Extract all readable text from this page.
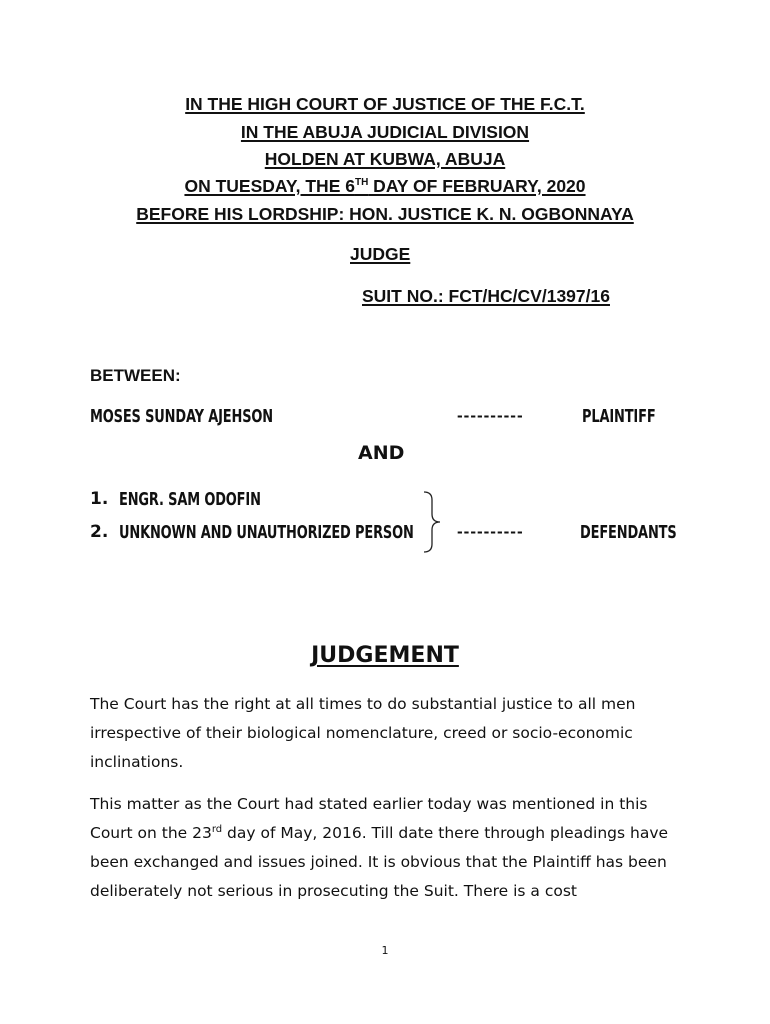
IN THE HIGH COURT OF JUSTICE OF THE F.C.T.
IN THE ABUJA JUDICIAL DIVISION
HOLDEN AT KUBWA, ABUJA
ON TUESDAY, THE 6TH DAY OF FEBRUARY, 2020
BEFORE HIS LORDSHIP: HON. JUSTICE K. N. OGBONNAYA
JUDGE
SUIT NO.: FCT/HC/CV/1397/16
BETWEEN:
MOSES SUNDAY AJEHSON	----------	PLAINTIFF
AND
1. ENGR. SAM ODOFIN
2. UNKNOWN AND UNAUTHORIZED PERSON	----------	DEFENDANTS
JUDGEMENT

The Court has the right at all times to do substantial justice to all men irrespective of their biological nomenclature, creed or socio-economic inclinations.

This matter as the Court had stated earlier today was mentioned in this Court on the 23rd day of May, 2016. Till date there through pleadings have been exchanged and issues joined. It is obvious that the Plaintiff has been deliberately not serious in prosecuting the Suit. There is a cost

1
